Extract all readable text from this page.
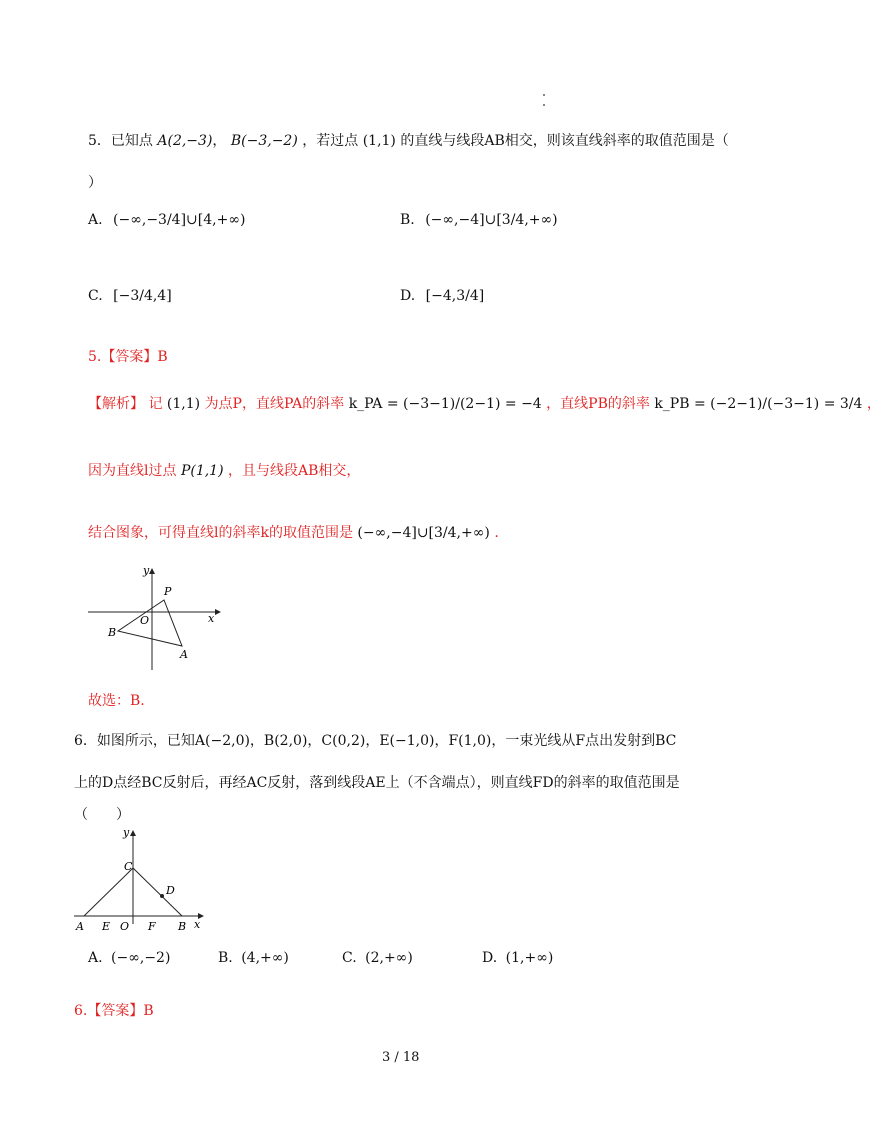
5．已知点 A(2,−3)， B(−3,−2) ，若过点 (1,1) 的直线与线段AB相交，则该直线斜率的取值范围是（
）
A. (−∞,−3/4]∪[4,+∞)	B. (−∞,−4]∪[3/4,+∞)
C. [−3/4,4]	D. [−4,3/4]
5.【答案】B
【解析】 记 (1,1) 为点P，直线PA的斜率 k_PA = (−3−1)/(2−1) = −4 ，直线PB的斜率 k_PB = (−2−1)/(−3−1) = 3/4 ，
因为直线l过点 P(1,1) ，且与线段AB相交，
结合图象，可得直线l的斜率k的取值范围是 (−∞,−4]∪[3/4,+∞) .
y
x
P
O
B
A
故选：B.
6．如图所示，已知A(−2,0)，B(2,0)，C(0,2)，E(−1,0)，F(1,0)，一束光线从F点出发射到BC
上的D点经BC反射后，再经AC反射，落到线段AE上（不含端点），则直线FD的斜率的取值范围是
（　　）
y
x
C
D
A E O F B
A. (−∞,−2)	B. (4,+∞)	C. (2,+∞)	D. (1,+∞)
6.【答案】B
3 / 18
